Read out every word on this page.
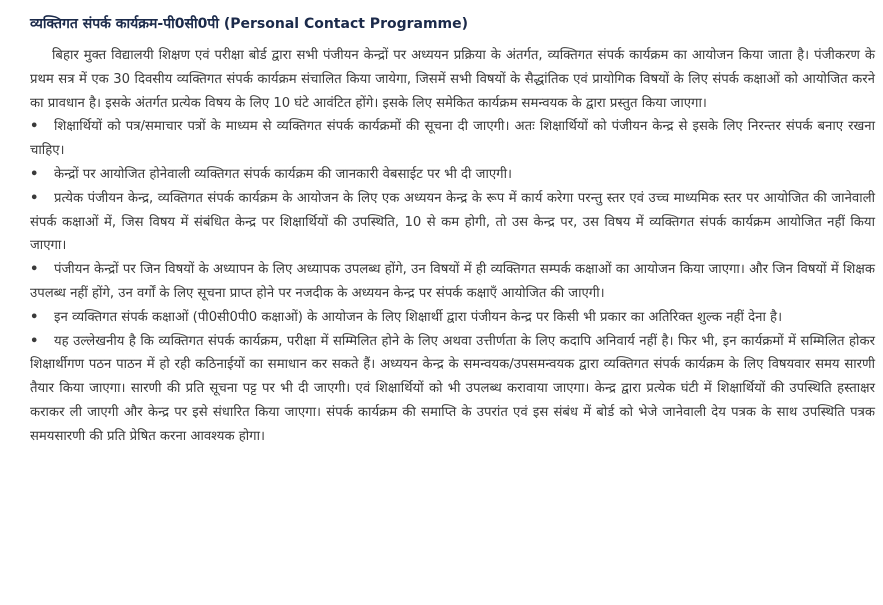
व्यक्तिगत संपर्क कार्यक्रम-पी0सी0पी (Personal Contact Programme)

बिहार मुक्त विद्यालयी शिक्षण एवं परीक्षा बोर्ड द्वारा सभी पंजीयन केन्द्रों पर अध्ययन प्रक्रिया के अंतर्गत, व्यक्तिगत संपर्क कार्यक्रम का आयोजन किया जाता है। पंजीकरण के प्रथम सत्र में एक 30 दिवसीय व्यक्तिगत संपर्क कार्यक्रम संचालित किया जायेगा, जिसमें सभी विषयों के सैद्धांतिक एवं प्रायोगिक विषयों के लिए संपर्क कक्षाओं को आयोजित करने का प्रावधान है। इसके अंतर्गत प्रत्येक विषय के लिए 10 घंटे आवंटित होंगे। इसके लिए समेकित कार्यक्रम समन्वयक के द्वारा प्रस्तुत किया जाएगा।

• शिक्षार्थियों को पत्र/समाचार पत्रों के माध्यम से व्यक्तिगत संपर्क कार्यक्रमों की सूचना दी जाएगी। अतः शिक्षार्थियों को पंजीयन केन्द्र से इसके लिए निरन्तर संपर्क बनाए रखना चाहिए।
• केन्द्रों पर आयोजित होनेवाली व्यक्तिगत संपर्क कार्यक्रम की जानकारी वेबसाईट पर भी दी जाएगी।
• प्रत्येक पंजीयन केन्द्र, व्यक्तिगत संपर्क कार्यक्रम के आयोजन के लिए एक अध्ययन केन्द्र के रूप में कार्य करेगा परन्तु स्तर एवं उच्च माध्यमिक स्तर पर आयोजित की जानेवाली संपर्क कक्षाओं में, जिस विषय में संबंधित केन्द्र पर शिक्षार्थियों की उपस्थिति, 10 से कम होगी, तो उस केन्द्र पर, उस विषय में व्यक्तिगत संपर्क कार्यक्रम आयोजित नहीं किया जाएगा।
• पंजीयन केन्द्रों पर जिन विषयों के अध्यापन के लिए अध्यापक उपलब्ध होंगे, उन विषयों में ही व्यक्तिगत सम्पर्क कक्षाओं का आयोजन किया जाएगा। और जिन विषयों में शिक्षक उपलब्ध नहीं होंगे, उन वर्गों के लिए सूचना प्राप्त होने पर नजदीक के अध्ययन केन्द्र पर संपर्क कक्षाएँ आयोजित की जाएगी।
• इन व्यक्तिगत संपर्क कक्षाओं (पी0सी0पी0 कक्षाओं) के आयोजन के लिए शिक्षार्थी द्वारा पंजीयन केन्द्र पर किसी भी प्रकार का अतिरिक्त शुल्क नहीं देना है।
• यह उल्लेखनीय है कि व्यक्तिगत संपर्क कार्यक्रम, परीक्षा में सम्मिलित होने के लिए अथवा उत्तीर्णता के लिए कदापि अनिवार्य नहीं है। फिर भी, इन कार्यक्रमों में सम्मिलित होकर शिक्षार्थीगण पठन पाठन में हो रही कठिनाईयों का समाधान कर सकते हैं। अध्ययन केन्द्र के समन्वयक/उपसमन्वयक द्वारा व्यक्तिगत संपर्क कार्यक्रम के लिए विषयवार समय सारणी तैयार किया जाएगा। सारणी की प्रति सूचना पट्ट पर भी दी जाएगी। एवं शिक्षार्थियों को भी उपलब्ध करावाया जाएगा। केन्द्र द्वारा प्रत्येक घंटी में शिक्षार्थियों की उपस्थिति हस्ताक्षर कराकर ली जाएगी और केन्द्र पर इसे संधारित किया जाएगा। संपर्क कार्यक्रम की समाप्ति के उपरांत एवं इस संबंध में बोर्ड को भेजे जानेवाली देय पत्रक के साथ उपस्थिति पत्रक समयसारणी की प्रति प्रेषित करना आवश्यक होगा।
